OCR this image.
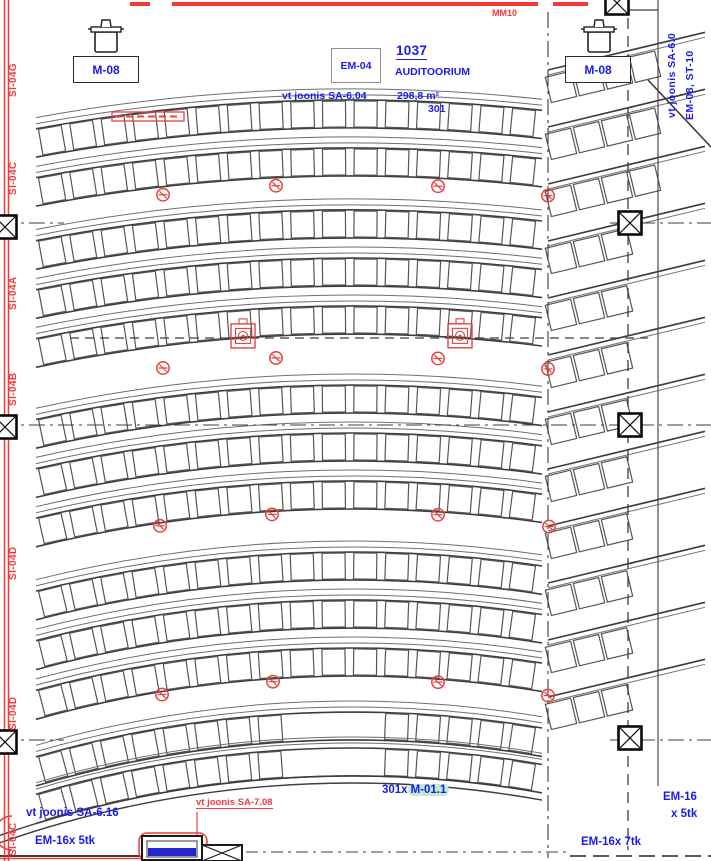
MM10
M-08	M-08
EM-04
1037
AUDITOORIUM
vt joonis SA-6.04	298,8 m²
301
SI-04G
SI-04C
SI-04A
SI-04B
SI-04D
SI-04D
SI-04C
vt joonis SA-6.0 EM-08, ST-10
301x M-01.1
vt joonis SA-6.16
EM-16x 5tk
vt joonis SA-7.08	EM-16
x 5tk
EM-16x 7tk
